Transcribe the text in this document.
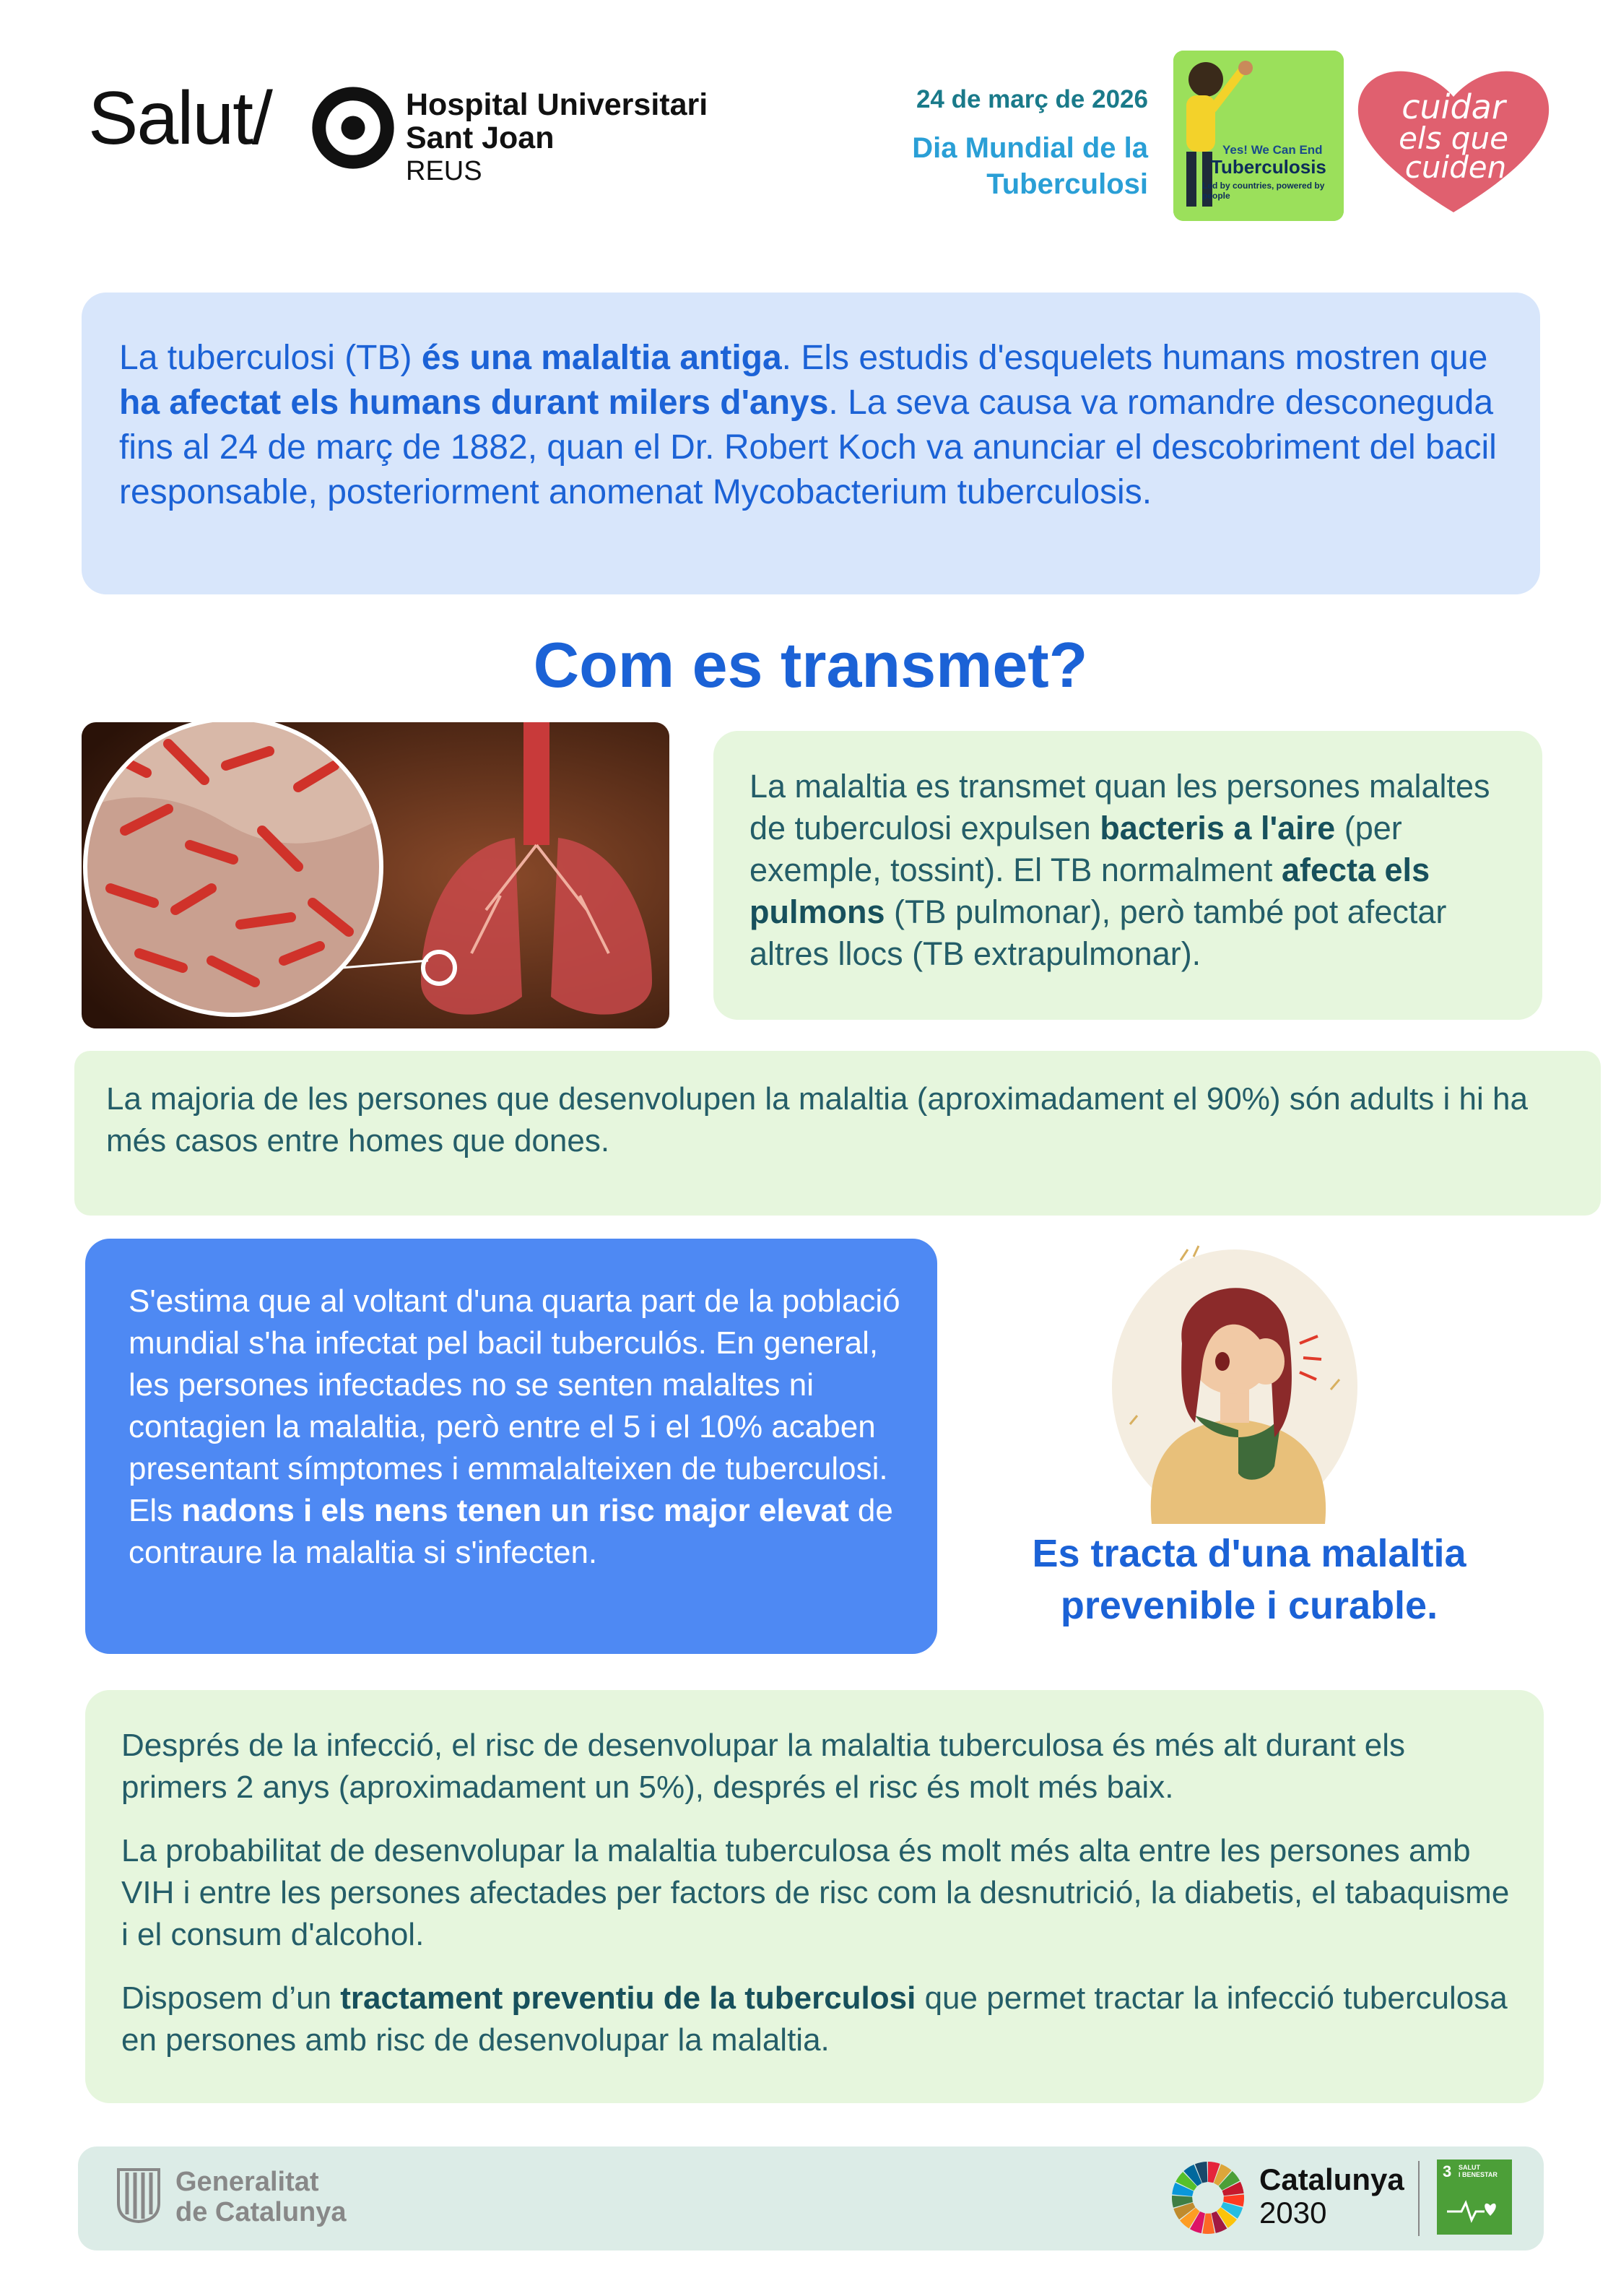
Salut/	Hospital Universitari
Sant Joan
REUS
24 de març de 2026
Dia Mundial de la
Tuberculosi
Yes! We Can End
Tuberculosis
Led by countries, powered by people
cuidar
els que
cuiden
La tuberculosi (TB) és una malaltia antiga. Els estudis d'esquelets humans mostren que ha afectat els humans durant milers d'anys. La seva causa va romandre desconeguda fins al 24 de març de 1882, quan el Dr. Robert Koch va anunciar el descobriment del bacil responsable, posteriorment anomenat Mycobacterium tuberculosis.
Com es transmet?
La malaltia es transmet quan les persones malaltes de tuberculosi expulsen bacteris a l'aire (per exemple, tossint). El TB normalment afecta els pulmons (TB pulmonar), però també pot afectar altres llocs (TB extrapulmonar).
La majoria de les persones que desenvolupen la malaltia (aproximadament el 90%) són adults i hi ha més casos entre homes que dones.
S'estima que al voltant d'una quarta part de la població mundial s'ha infectat pel bacil tuberculós. En general, les persones infectades no se senten malaltes ni contagien la malaltia, però entre el 5 i el 10% acaben presentant símptomes i emmalalteixen de tuberculosi. Els nadons i els nens tenen un risc major elevat de contraure la malaltia si s'infecten.	Es tracta d'una malaltia
prevenible i curable.

Després de la infecció, el risc de desenvolupar la malaltia tuberculosa és més alt durant els primers 2 anys (aproximadament un 5%), després el risc és molt més baix.

La probabilitat de desenvolupar la malaltia tuberculosa és molt més alta entre les persones amb VIH i entre les persones afectades per factors de risc com la desnutrició, la diabetis, el tabaquisme i el consum d'alcohol.

Disposem d’un tractament preventiu de la tuberculosi que permet tractar la infecció tuberculosa en persones amb risc de desenvolupar la malaltia.

Generalitat
de Catalunya
Catalunya
2030
3 SALUT
I BENESTAR
